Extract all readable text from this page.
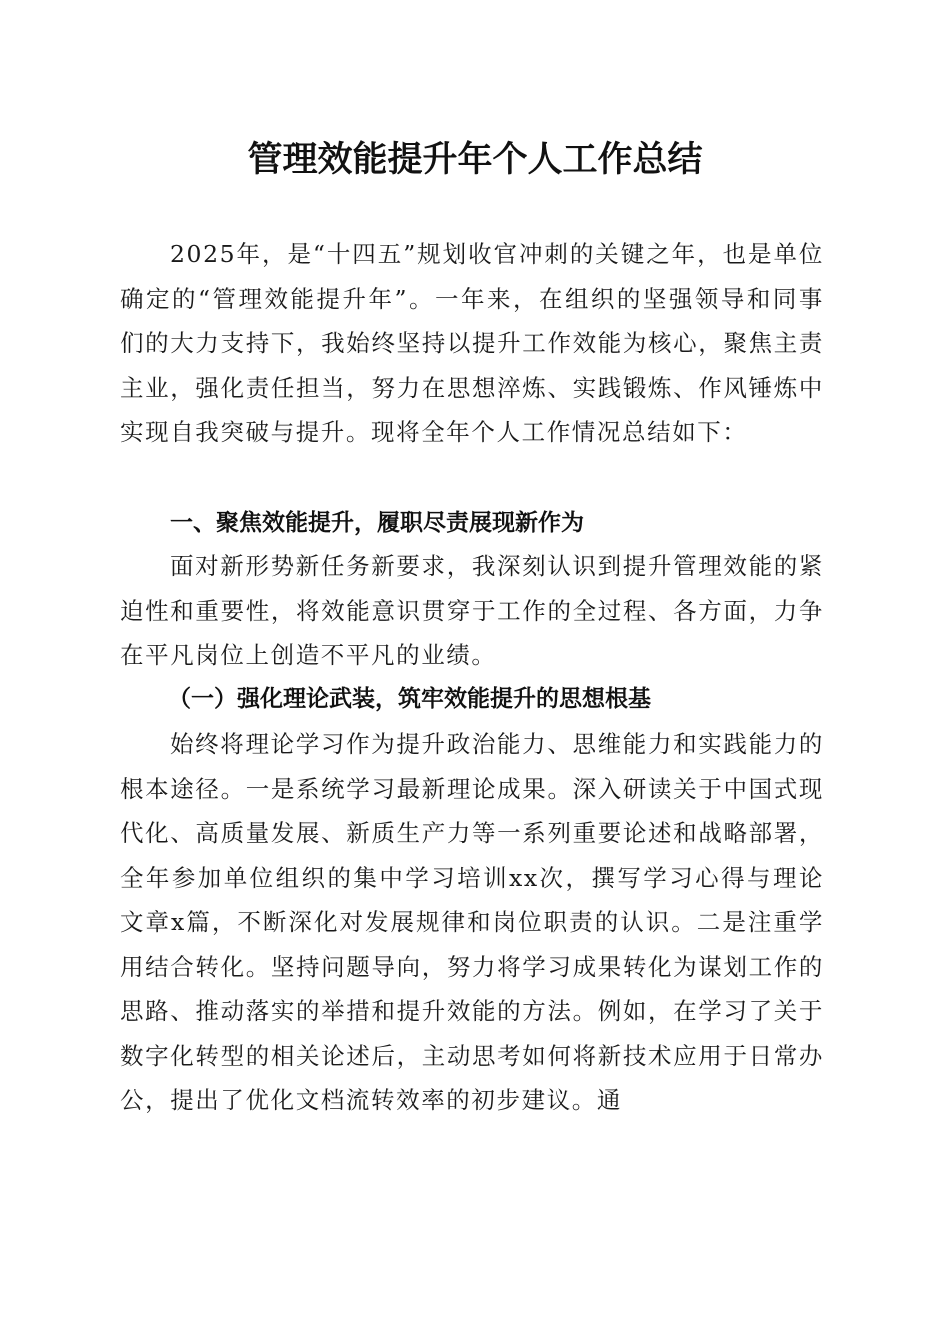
管理效能提升年个人工作总结

2025年，是“十四五”规划收官冲刺的关键之年，也是单位确定的“管理效能提升年”。一年来，在组织的坚强领导和同事们的大力支持下，我始终坚持以提升工作效能为核心，聚焦主责主业，强化责任担当，努力在思想淬炼、实践锻炼、作风锤炼中实现自我突破与提升。现将全年个人工作情况总结如下：

一、聚焦效能提升，履职尽责展现新作为

面对新形势新任务新要求，我深刻认识到提升管理效能的紧迫性和重要性，将效能意识贯穿于工作的全过程、各方面，力争在平凡岗位上创造不平凡的业绩。

（一）强化理论武装，筑牢效能提升的思想根基

始终将理论学习作为提升政治能力、思维能力和实践能力的根本途径。一是系统学习最新理论成果。深入研读关于中国式现代化、高质量发展、新质生产力等一系列重要论述和战略部署，全年参加单位组织的集中学习培训xx次，撰写学习心得与理论文章x篇，不断深化对发展规律和岗位职责的认识。二是注重学用结合转化。坚持问题导向，努力将学习成果转化为谋划工作的思路、推动落实的举措和提升效能的方法。例如，在学习了关于数字化转型的相关论述后，主动思考如何将新技术应用于日常办公，提出了优化文档流转效率的初步建议。通
